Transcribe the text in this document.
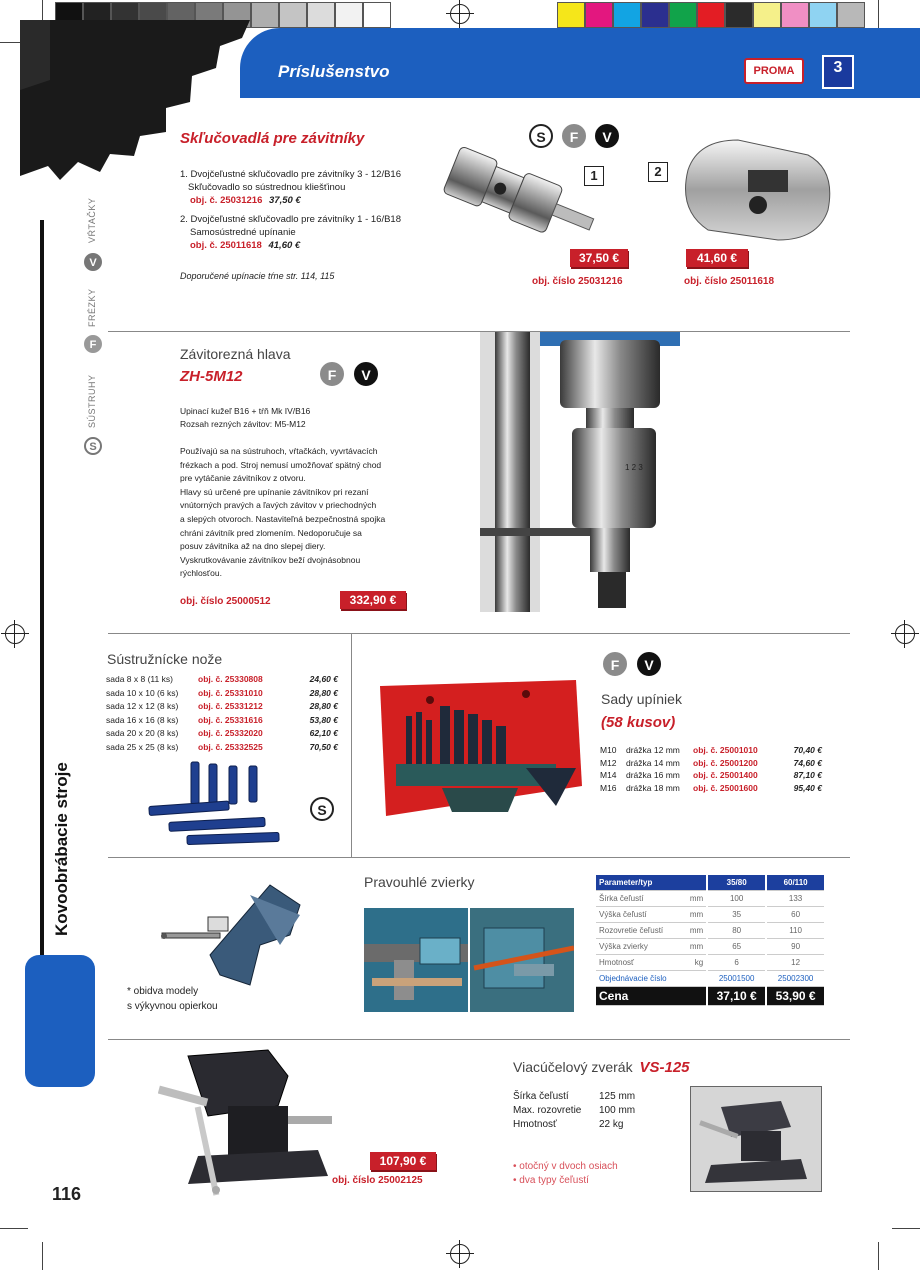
Príslušenstvo	PROMA	3
V
VŔTAČKY
F
FRÉZKY
S
SÚSTRUHY
Kovoobrábacie stroje
116
Skľučovadlá pre závitníky	S	F	V
1. Dvojčeľustné skľučovadlo pre závitníky 3 - 12/B16
Skľučovadlo so sústrednou kliešťinou
obj. č. 25031216 37,50 €
2. Dvojčeľustné skľučovadlo pre závitníky 1 - 16/B18
Samosústredné upínanie
obj. č. 25011618 41,60 €
Doporučené upínacie tŕne str. 114, 115
1
37,50 €
obj. číslo 25031216
2
41,60 €
obj. číslo 25011618
Závitorezná hlava
ZH-5M12	F	V
Upinací kužeľ B16 + tŕň Mk IV/B16
Rozsah rezných závitov: M5-M12
Používajú sa na sústruhoch, vŕtačkách, vyvrtávacích
frézkach a pod. Stroj nemusí umožňovať spätný chod
pre vytáčanie závitníkov z otvoru.
Hlavy sú určené pre upínanie závitníkov pri rezaní
vnútorných pravých a ľavých závitov v priechodných
a slepých otvoroch. Nastaviteľná bezpečnostná spojka
chráni závitník pred zlomením. Nedoporučuje sa
posuv závitníka až na dno slepej diery.
Vyskrutkovávanie závitníkov beží dvojnásobnou
rýchlosťou.
obj. číslo 25000512	332,90 €
1 2 3
Sústružnícke nože
sada 8 x 8 (11 ks)	obj. č. 25330808	24,60 €
sada 10 x 10 (6 ks) obj. č. 25331010	28,80 €
sada 12 x 12 (8 ks) obj. č. 25331212	28,80 €
sada 16 x 16 (8 ks) obj. č. 25331616	53,80 €
sada 20 x 20 (8 ks) obj. č. 25332020	62,10 €
sada 25 x 25 (8 ks) obj. č. 25332525	70,50 €
S
F	V
Sady upíniek
(58 kusov)
M10 drážka 12 mm obj. č. 25001010	70,40 €
M12 drážka 14 mm obj. č. 25001200	74,60 €
M14 drážka 16 mm obj. č. 25001400	87,10 €
M16 drážka 18 mm obj. č. 25001600	95,40 €
Pravouhlé zvierky
* obidva modely
s výkyvnou opierkou
Parameter/typ		35/80	60/110
Šírka čeľustí	mm	100	133
Výška čeľustí	mm	35	60
Rozovretie čeľustí	mm	80	110
Výška zvierky	mm	65	90
Hmotnosť	kg	6	12
Objednávacie číslo		25001500	25002300
Cena		37,10 €	53,90 €
107,90 €
obj. číslo 25002125
Viacúčelový zverák VS-125
Šírka čeľustí	125 mm
Max. rozovretie 100 mm
Hmotnosť	22 kg
• otočný v dvoch osiach
• dva typy čeľustí
